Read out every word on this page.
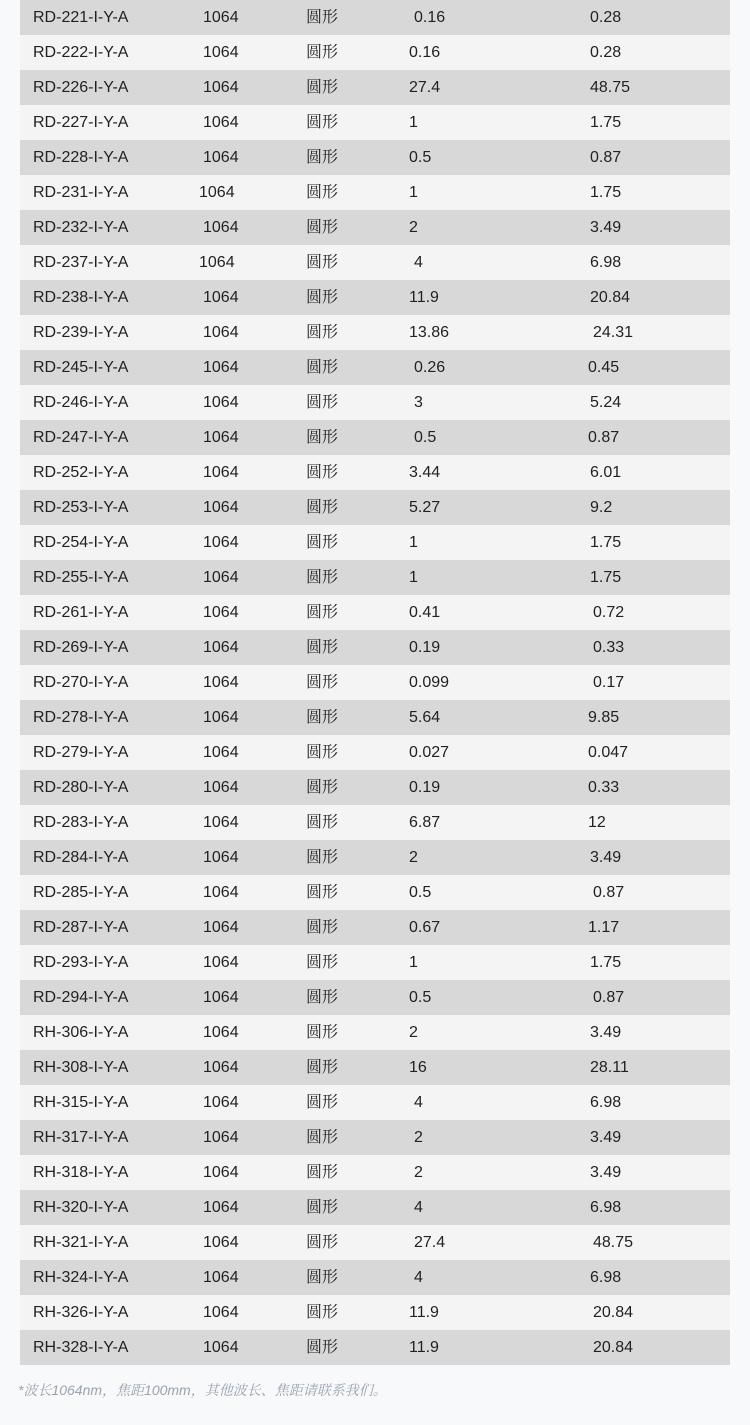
RD-221-I-Y-A	1064	圆形	0.16	0.28
RD-222-I-Y-A	1064	圆形	0.16	0.28
RD-226-I-Y-A	1064	圆形	27.4	48.75
RD-227-I-Y-A	1064	圆形	1	1.75
RD-228-I-Y-A	1064	圆形	0.5	0.87
RD-231-I-Y-A	1064	圆形	1	1.75
RD-232-I-Y-A	1064	圆形	2	3.49
RD-237-I-Y-A	1064	圆形	4	6.98
RD-238-I-Y-A	1064	圆形	11.9	20.84
RD-239-I-Y-A	1064	圆形	13.86	24.31
RD-245-I-Y-A	1064	圆形	0.26	0.45
RD-246-I-Y-A	1064	圆形	3	5.24
RD-247-I-Y-A	1064	圆形	0.5	0.87
RD-252-I-Y-A	1064	圆形	3.44	6.01
RD-253-I-Y-A	1064	圆形	5.27	9.2
RD-254-I-Y-A	1064	圆形	1	1.75
RD-255-I-Y-A	1064	圆形	1	1.75
RD-261-I-Y-A	1064	圆形	0.41	0.72
RD-269-I-Y-A	1064	圆形	0.19	0.33
RD-270-I-Y-A	1064	圆形	0.099	0.17
RD-278-I-Y-A	1064	圆形	5.64	9.85
RD-279-I-Y-A	1064	圆形	0.027	0.047
RD-280-I-Y-A	1064	圆形	0.19	0.33
RD-283-I-Y-A	1064	圆形	6.87	12
RD-284-I-Y-A	1064	圆形	2	3.49
RD-285-I-Y-A	1064	圆形	0.5	0.87
RD-287-I-Y-A	1064	圆形	0.67	1.17
RD-293-I-Y-A	1064	圆形	1	1.75
RD-294-I-Y-A	1064	圆形	0.5	0.87
RH-306-I-Y-A	1064	圆形	2	3.49
RH-308-I-Y-A	1064	圆形	16	28.11
RH-315-I-Y-A	1064	圆形	4	6.98
RH-317-I-Y-A	1064	圆形	2	3.49
RH-318-I-Y-A	1064	圆形	2	3.49
RH-320-I-Y-A	1064	圆形	4	6.98
RH-321-I-Y-A	1064	圆形	27.4	48.75
RH-324-I-Y-A	1064	圆形	4	6.98
RH-326-I-Y-A	1064	圆形	11.9	20.84
RH-328-I-Y-A	1064	圆形	11.9	20.84
*波长1064nm，焦距100mm，其他波长、焦距请联系我们。
